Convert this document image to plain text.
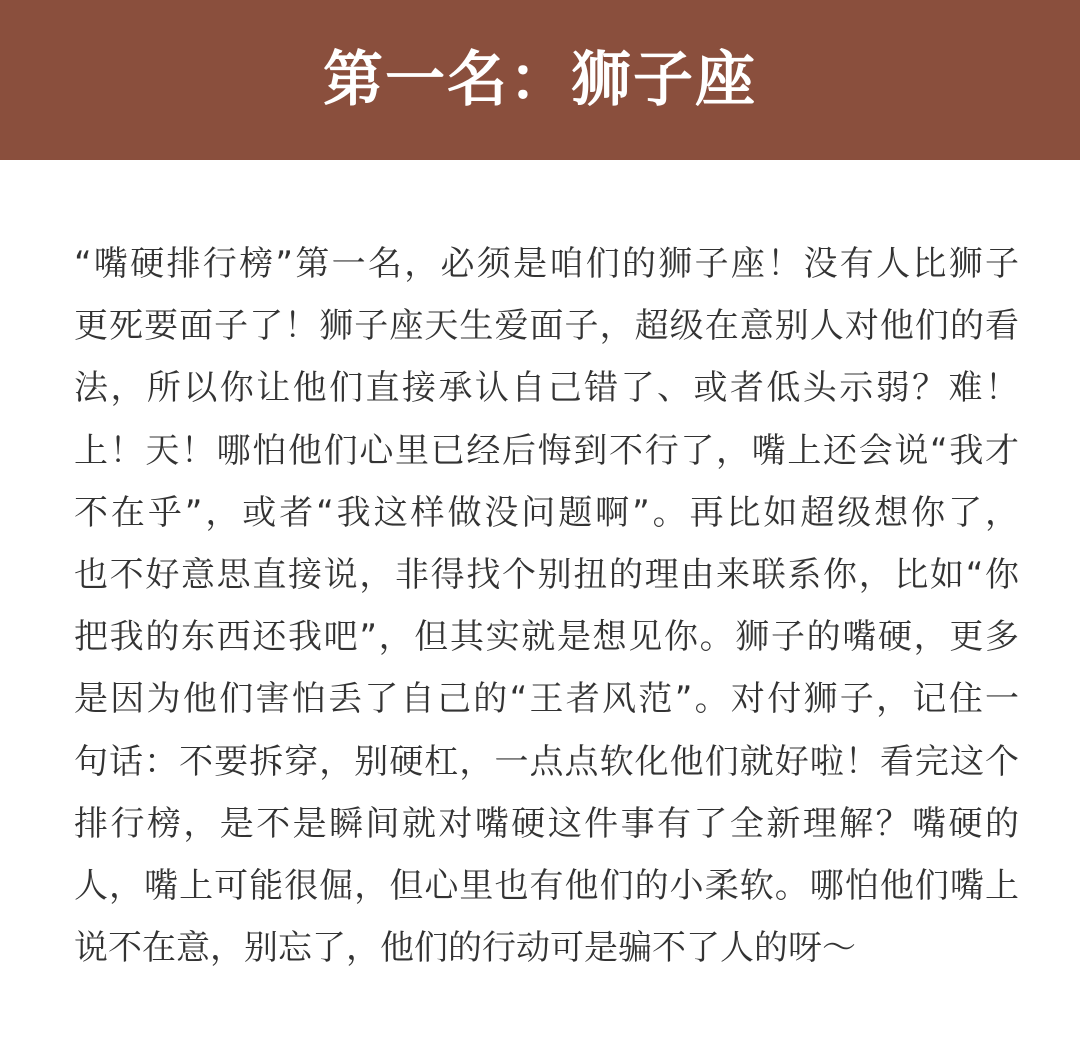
第一名：狮子座
“嘴硬排行榜”第一名，必须是咱们的狮子座！没有人比狮子
更死要面子了！狮子座天生爱面子，超级在意别人对他们的看
法，所以你让他们直接承认自己错了、或者低头示弱？难！
上！天！哪怕他们心里已经后悔到不行了，嘴上还会说“我才
不在乎”，或者“我这样做没问题啊”。再比如超级想你了，
也不好意思直接说，非得找个别扭的理由来联系你，比如“你
把我的东西还我吧”，但其实就是想见你。狮子的嘴硬，更多
是因为他们害怕丢了自己的“王者风范”。对付狮子，记住一
句话：不要拆穿，别硬杠，一点点软化他们就好啦！看完这个
排行榜，是不是瞬间就对嘴硬这件事有了全新理解？嘴硬的
人，嘴上可能很倔，但心里也有他们的小柔软。哪怕他们嘴上
说不在意，别忘了，他们的行动可是骗不了人的呀～
